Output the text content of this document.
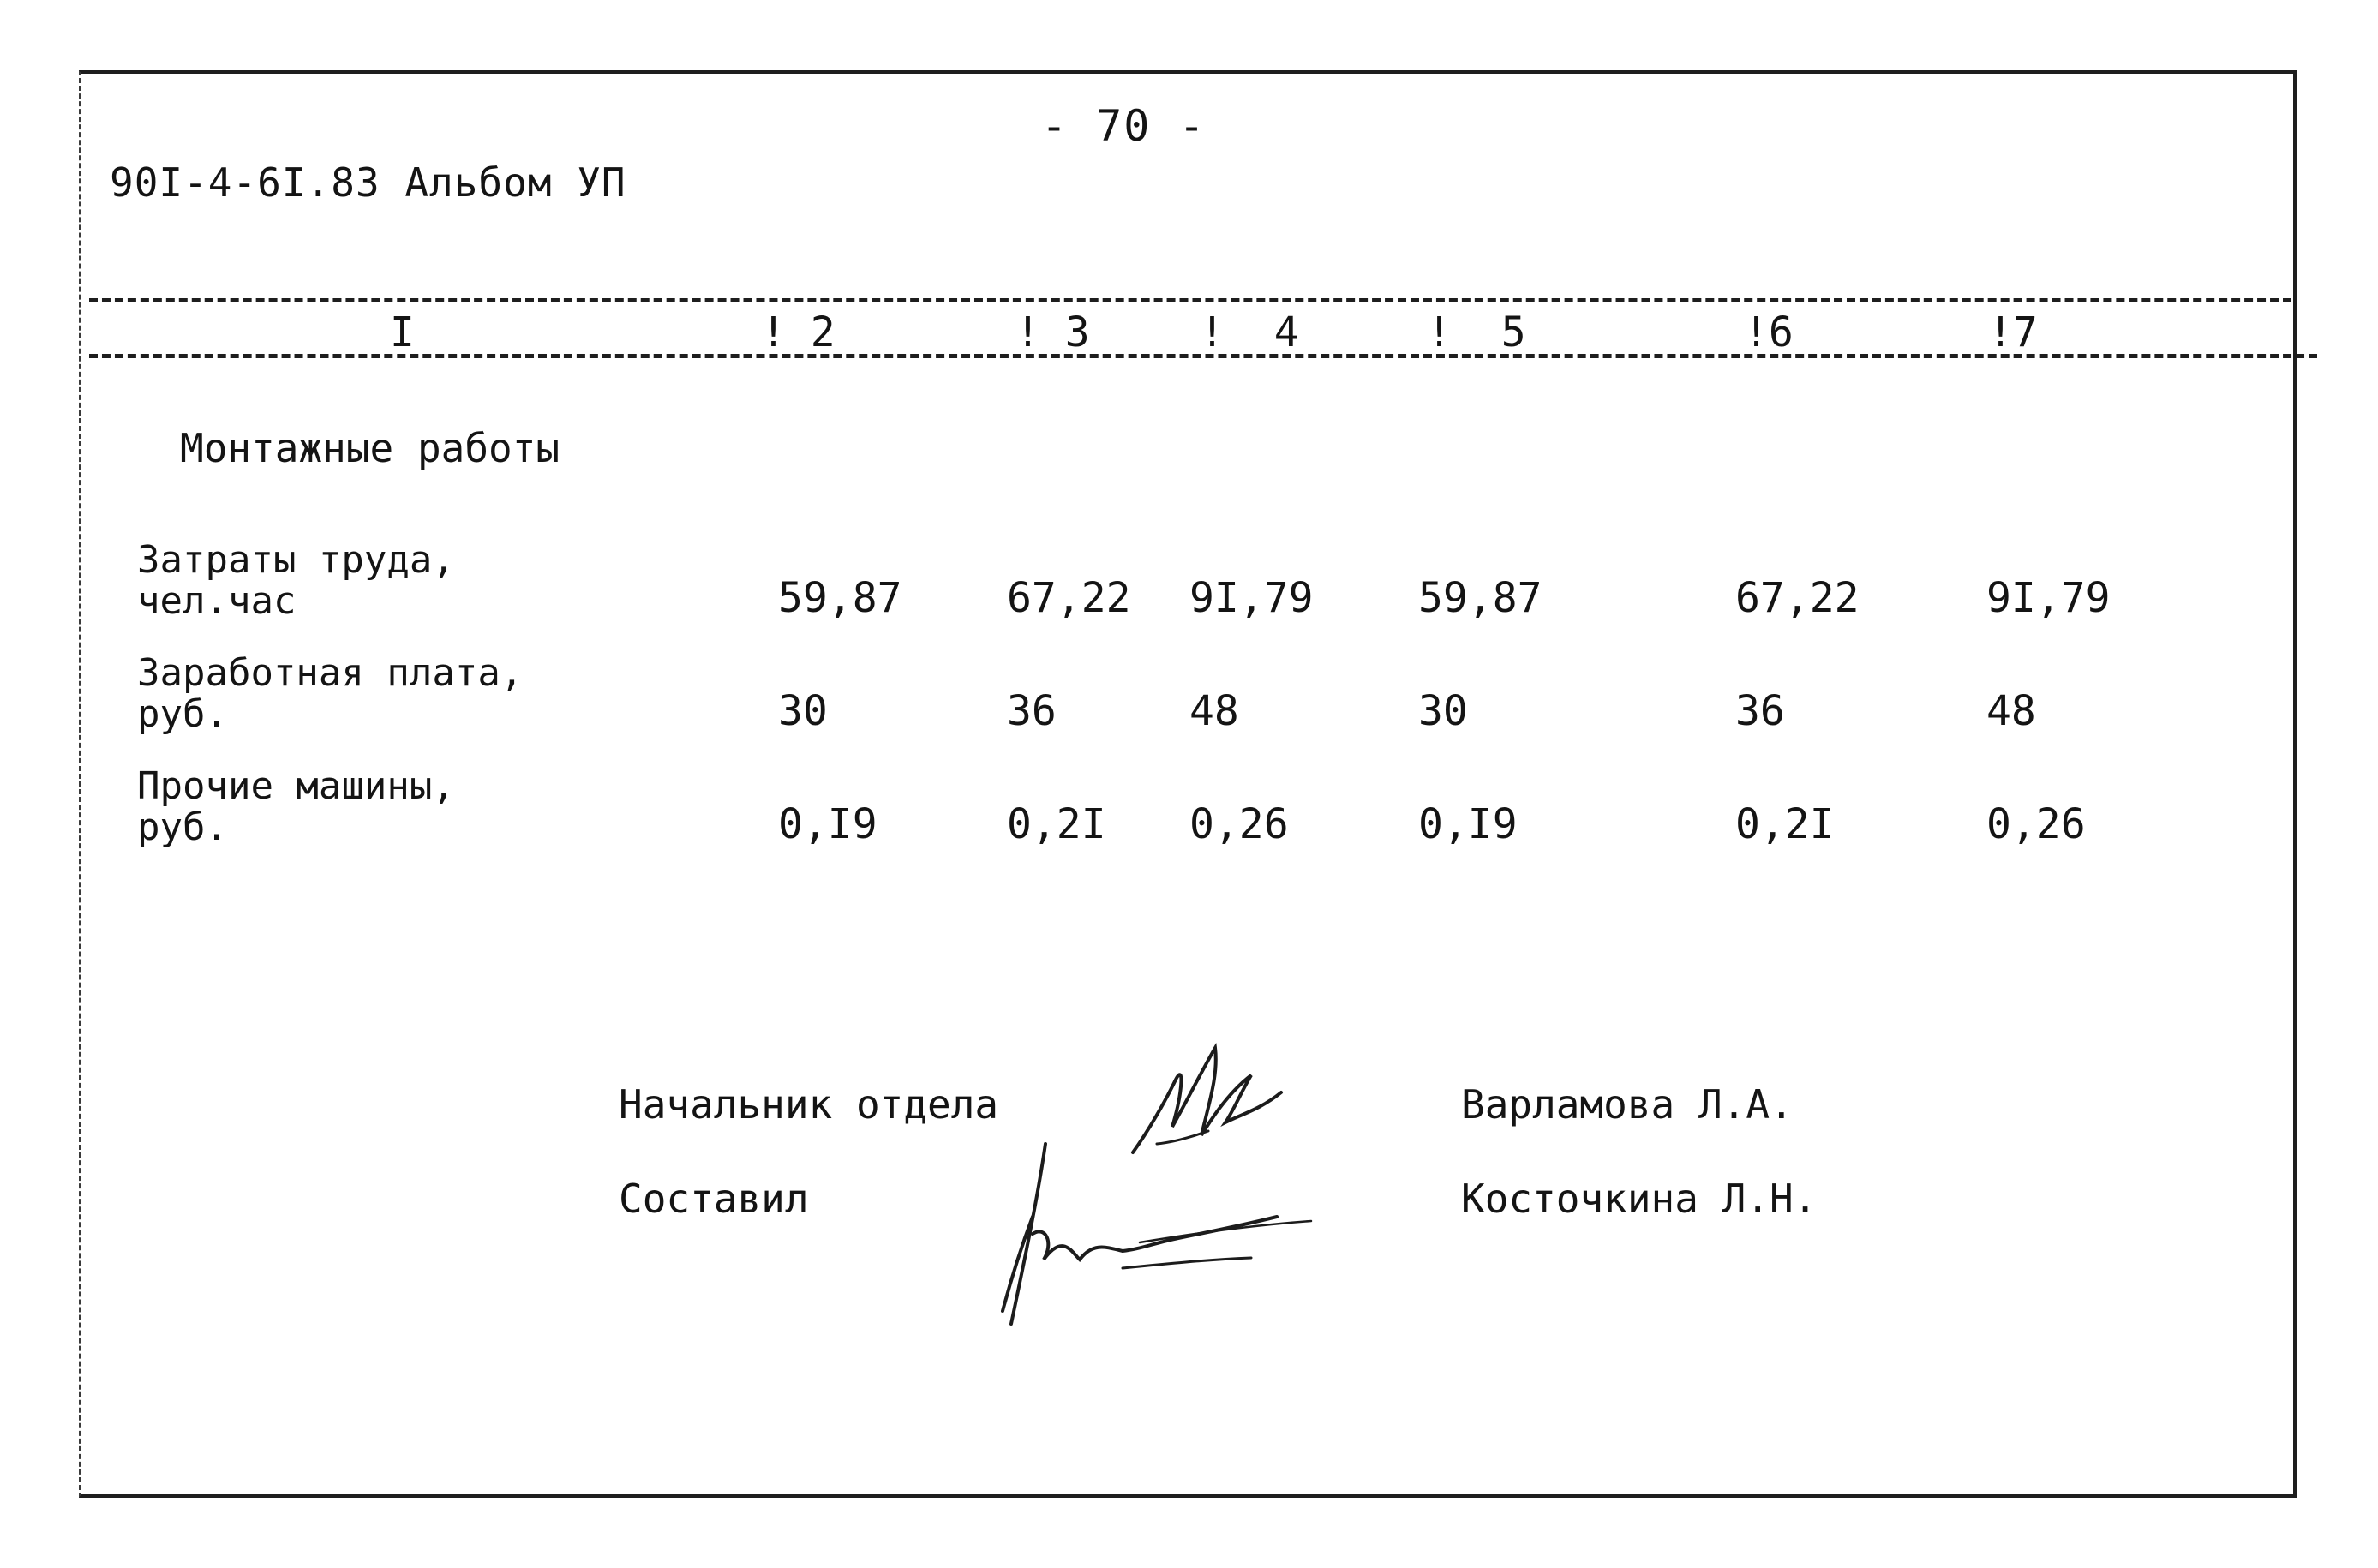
- 70 -
90I-4-6I.83 Альбом УП
I	! 2	! 3	!  4	!  5	!6	!7
Монтажные работы
Затраты труда,
чел.час	59,87	67,22 9I,79	59,87	67,22	9I,79
Заработная плата,
руб.	30	36	48	30	36	48
Прочие машины,
руб.	0,I9	0,2I 0,26	0,I9	0,2I	0,26
Начальник отдела	Варламова Л.А.
Составил	Косточкина Л.Н.
